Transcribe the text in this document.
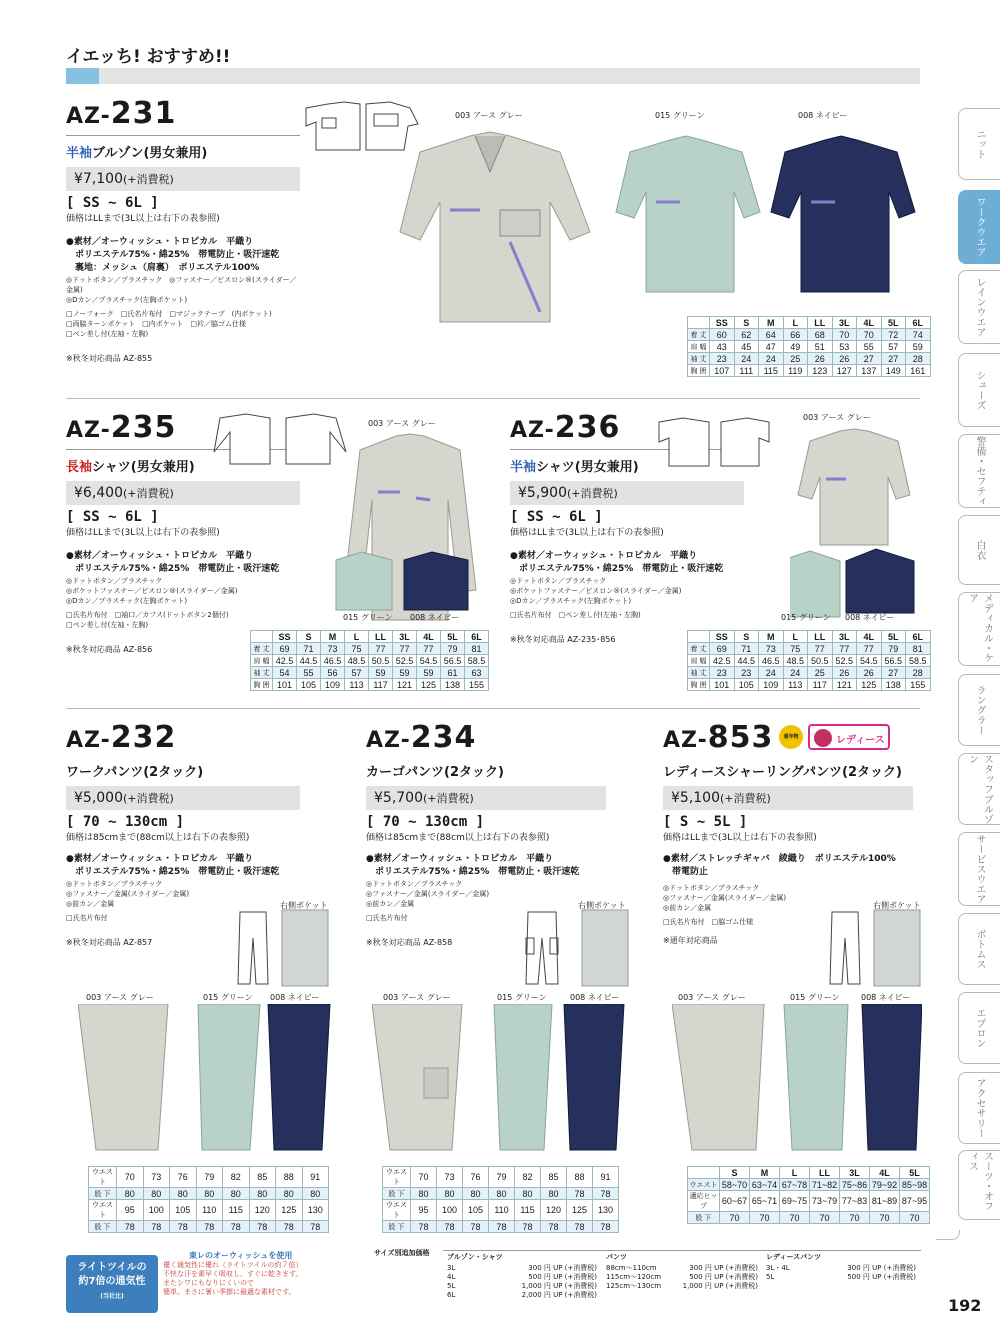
イエッち! おすすめ!!
ニット
ワークウエア
レインウエア
シューズ
警備・セフティ
白衣
メディカル・ケア
ラングラー
スタッフブルゾン
サービスウエア
ボトムス
エプロン
アクセサリー
スーツ・オフィス
AZ-231
半袖ブルゾン(男女兼用)
¥7,100(+消費税)
[ SS ~ 6L ]
価格はLLまで(3L以上は右下の表参照)
●素材／オーウィッシュ・トロピカル　平織り
　ポリエステル75%・綿25%　帯電防止・吸汗速乾
　裏地：メッシュ（肩裏）　ポリエステル100%
◎ドットボタン／プラスチック　◎ファスナー／ビスロン®(スライダー／金属)
◎Dカン／プラスチック(左胸ポケット)
□ノーフォーク　□氏名片布付　□マジックテープ　(内ポケット)
□両脇ターンポケット　□内ポケット　□衿／脇ゴム仕様
□ペン差し付(左袖・左胸)
※秋冬対応商品 AZ-855
003 アース グレー	015 グリーン	008 ネイビー
	SS	S	M	L	LL	3L	4L	5L	6L
着 丈	60	62	64	66	68	70	70	72	74
肩 幅	43	45	47	49	51	53	55	57	59
袖 丈	23	24	24	25	26	26	27	27	28
胸 囲	107	111	115	119	123	127	137	149	161
AZ-235
長袖シャツ(男女兼用)
¥6,400(+消費税)
[ SS ~ 6L ]
価格はLLまで(3L以上は右下の表参照)
●素材／オーウィッシュ・トロピカル　平織り
　ポリエステル75%・綿25%　帯電防止・吸汗速乾
◎ドットボタン／プラスチック
◎ポケットファスナー／ビスロン®(スライダー／金属)
◎Dカン／プラスチック(左胸ポケット)
□氏名片布付　□袖口／カフス(ドットボタン2個付)
□ペン差し付(左袖・左胸)
※秋冬対応商品 AZ-856
003 アース グレー
015 グリーン 008 ネイビー
	SS	S	M	L	LL	3L	4L	5L	6L
着 丈	69	71	73	75	77	77	77	79	81
肩 幅	42.5	44.5	46.5	48.5	50.5	52.5	54.5	56.5	58.5
袖 丈	54	55	56	57	59	59	59	61	63
胸 囲	101	105	109	113	117	121	125	138	155
AZ-236
半袖シャツ(男女兼用)
¥5,900(+消費税)
[ SS ~ 6L ]
価格はLLまで(3L以上は右下の表参照)
●素材／オーウィッシュ・トロピカル　平織り
　ポリエステル75%・綿25%　帯電防止・吸汗速乾
◎ドットボタン／プラスチック
◎ポケットファスナー／ビスロン®(スライダー／金属)
◎Dカン／プラスチック(左胸ポケット)
□氏名片布付　□ペン差し付(左袖・左胸)
※秋冬対応商品 AZ-235･856
003 アース グレー
015 グリーン 008 ネイビー
	SS	S	M	L	LL	3L	4L	5L	6L
着 丈	69	71	73	75	77	77	77	79	81
肩 幅	42.5	44.5	46.5	48.5	50.5	52.5	54.5	56.5	58.5
袖 丈	23	23	24	24	25	26	26	27	28
胸 囲	101	105	109	113	117	121	125	138	155
AZ-232
ワークパンツ(2タック)
¥5,000(+消費税)
[ 70 ~ 130cm ]
価格は85cmまで(88cm以上は右下の表参照)
●素材／オーウィッシュ・トロピカル　平織り
　ポリエステル75%・綿25%　帯電防止・吸汗速乾
◎ドットボタン／プラスチック
◎ファスナー／金属(スライダー／金属)
◎前カン／金属
□氏名片布付
※秋冬対応商品 AZ-857
右側ポケット
003 アース グレー	015 グリーン 008 ネイビー
ウエスト	70	73	76	79	82	85	88	91
股 下	80	80	80	80	80	80	80	80
ウエスト	95	100	105	110	115	120	125	130
股 下	78	78	78	78	78	78	78	78
AZ-234
カーゴパンツ(2タック)
¥5,700(+消費税)
[ 70 ~ 130cm ]
価格は85cmまで(88cm以上は右下の表参照)
●素材／オーウィッシュ・トロピカル　平織り
　ポリエステル75%・綿25%　帯電防止・吸汗速乾
◎ドットボタン／プラスチック
◎ファスナー／金属(スライダー／金属)
◎前カン／金属
□氏名片布付
※秋冬対応商品 AZ-858
右側ポケット
003 アース グレー	015 グリーン	008 ネイビー
ウエスト	70	73	76	79	82	85	88	91
股 下	80	80	80	80	80	80	78	78
ウエスト	95	100	105	110	115	120	125	130
股 下	78	78	78	78	78	78	78	78
AZ-853
レディースシャーリングパンツ(2タック)
¥5,100(+消費税)
[ S ~ 5L ]
価格はLLまで(3L以上は右下の表参照)
●素材／ストレッチギャバ　綾織り　ポリエステル100%
　帯電防止
◎ドットボタン／プラスチック
◎ファスナー／金属(スライダー／金属)
◎前カン／金属
□氏名片布付　□脇ゴム仕様
※通年対応商品
通年物	レディース
右側ポケット
003 アース グレー	015 グリーン	008 ネイビー
	S	M	L	LL	3L	4L	5L
ウエスト	58~70	63~74	67~78	71~82	75~86	79~92	85~98
適応ヒップ	60~67	65~71	69~75	73~79	77~83	81~89	87~95
股 下	70	70	70	70	70	70	70
ライトツイルの
約7倍の通気性
(当社比)
東レのオーウィッシュを使用
優く通気性に優れ（ライトツイルの約７倍）
不快な汗を素早く吸収し、すぐに乾きます。
またシワにもなりにくいので
簡単。まさに暑い季節に最適な素材です。
サイズ別追加価格	ブルゾン・シャツ	パンツ	レディースパンツ
3L	300 円 UP (+消費税)
4L	500 円 UP (+消費税)
5L	1,000 円 UP (+消費税)
6L	2,000 円 UP (+消費税)
88cm～110cm	300 円 UP (+消費税)
115cm～120cm	500 円 UP (+消費税)
125cm～130cm	1,000 円 UP (+消費税)
3L・4L	300 円 UP (+消費税)
5L	500 円 UP (+消費税)
192
